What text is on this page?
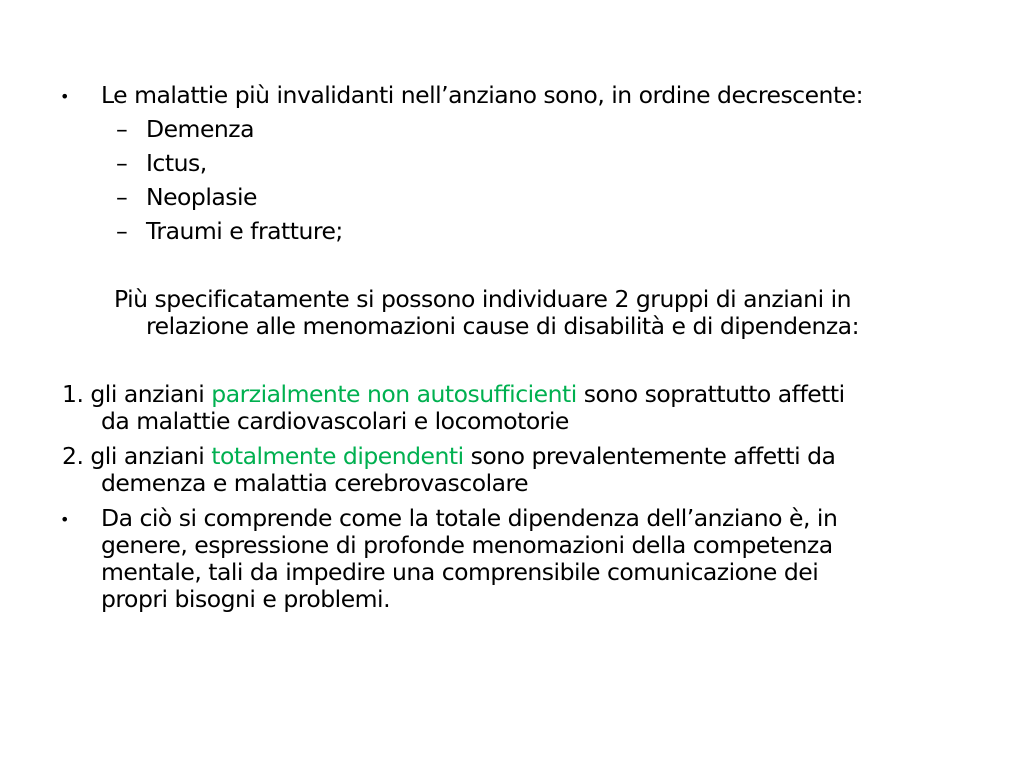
• Le malattie più invalidanti nell’anziano sono, in ordine decrescente:
– Demenza
– Ictus,
– Neoplasie
– Traumi e fratture;
Più specificatamente si possono individuare 2 gruppi di anziani in
relazione alle menomazioni cause di disabilità e di dipendenza:
1. gli anziani parzialmente non autosufficienti sono soprattutto affetti
da malattie cardiovascolari e locomotorie
2. gli anziani totalmente dipendenti sono prevalentemente affetti da
demenza e malattia cerebrovascolare
• Da ciò si comprende come la totale dipendenza dell’anziano è, in
genere, espressione di profonde menomazioni della competenza
mentale, tali da impedire una comprensibile comunicazione dei
propri bisogni e problemi.
